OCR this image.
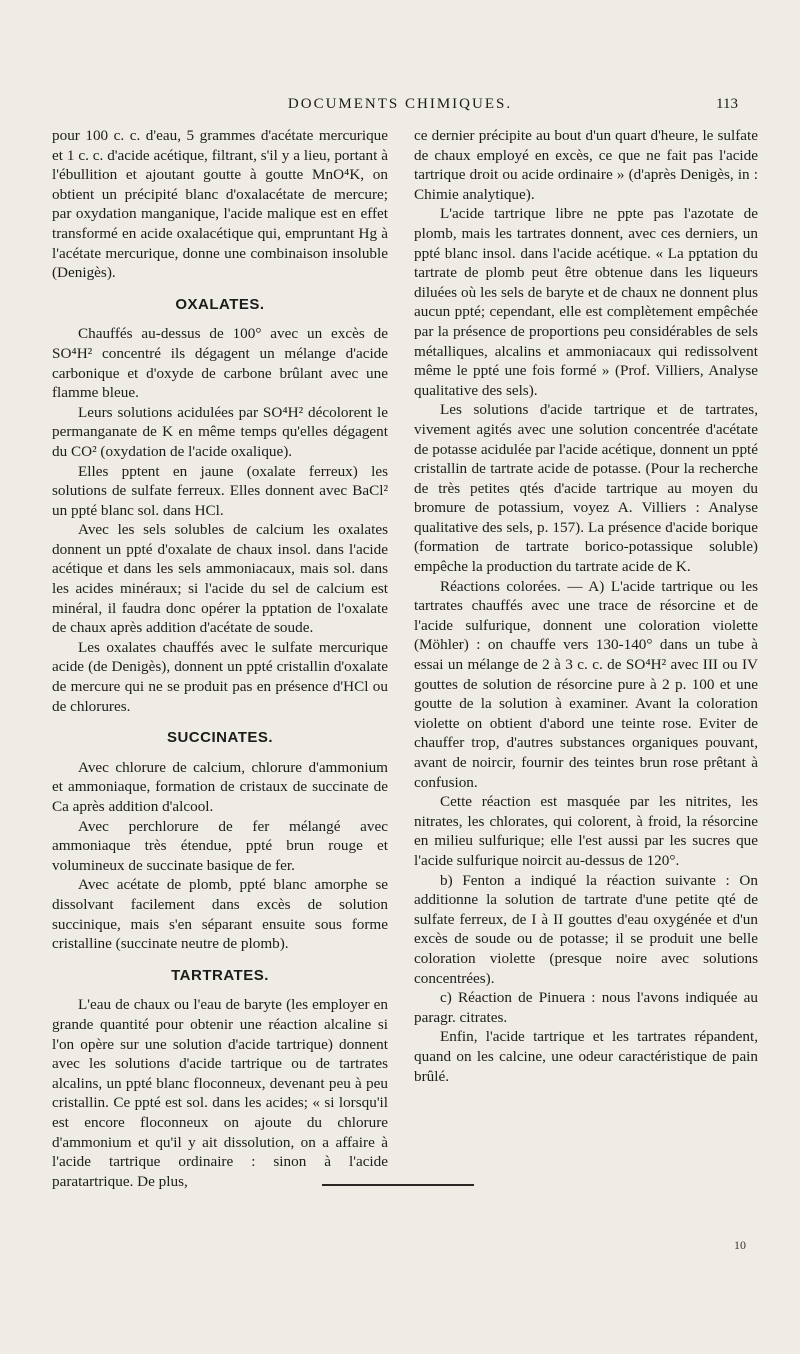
DOCUMENTS CHIMIQUES.	113

pour 100 c. c. d'eau, 5 grammes d'acétate mercurique et 1 c. c. d'acide acétique, filtrant, s'il y a lieu, portant à l'ébullition et ajoutant goutte à goutte MnO⁴K, on obtient un précipité blanc d'oxalacétate de mercure; par oxydation manganique, l'acide malique est en effet transformé en acide oxalacétique qui, empruntant Hg à l'acétate mercurique, donne une combinaison insoluble (Denigès).

OXALATES.

Chauffés au-dessus de 100° avec un excès de SO⁴H² concentré ils dégagent un mélange d'acide carbonique et d'oxyde de carbone brûlant avec une flamme bleue.

Leurs solutions acidulées par SO⁴H² décolorent le permanganate de K en même temps qu'elles dégagent du CO² (oxydation de l'acide oxalique).

Elles pptent en jaune (oxalate ferreux) les solutions de sulfate ferreux. Elles donnent avec BaCl² un ppté blanc sol. dans HCl.

Avec les sels solubles de calcium les oxalates donnent un ppté d'oxalate de chaux insol. dans l'acide acétique et dans les sels ammoniacaux, mais sol. dans les acides minéraux; si l'acide du sel de calcium est minéral, il faudra donc opérer la pptation de l'oxalate de chaux après addition d'acétate de soude.

Les oxalates chauffés avec le sulfate mercurique acide (de Denigès), donnent un ppté cristallin d'oxalate de mercure qui ne se produit pas en présence d'HCl ou de chlorures.

SUCCINATES.

Avec chlorure de calcium, chlorure d'ammonium et ammoniaque, formation de cristaux de succinate de Ca après addition d'alcool.

Avec perchlorure de fer mélangé avec ammoniaque très étendue, ppté brun rouge et volumineux de succinate basique de fer.

Avec acétate de plomb, ppté blanc amorphe se dissolvant facilement dans excès de solution succinique, mais s'en séparant ensuite sous forme cristalline (succinate neutre de plomb).

TARTRATES.

L'eau de chaux ou l'eau de baryte (les employer en grande quantité pour obtenir une réaction alcaline si l'on opère sur une solution d'acide tartrique) donnent avec les solutions d'acide tartrique ou de tartrates alcalins, un ppté blanc floconneux, devenant peu à peu cristallin. Ce ppté est sol. dans les acides; « si lorsqu'il est encore floconneux on ajoute du chlorure d'ammonium et qu'il y ait dissolution, on a affaire à l'acide tartrique ordinaire : sinon à l'acide paratartrique. De plus,

ce dernier précipite au bout d'un quart d'heure, le sulfate de chaux employé en excès, ce que ne fait pas l'acide tartrique droit ou acide ordinaire » (d'après Denigès, in : Chimie analytique).

L'acide tartrique libre ne ppte pas l'azotate de plomb, mais les tartrates donnent, avec ces derniers, un ppté blanc insol. dans l'acide acétique. « La pptation du tartrate de plomb peut être obtenue dans les liqueurs diluées où les sels de baryte et de chaux ne donnent plus aucun ppté; cependant, elle est complètement empêchée par la présence de proportions peu considérables de sels métalliques, alcalins et ammoniacaux qui redissolvent même le ppté une fois formé » (Prof. Villiers, Analyse qualitative des sels).

Les solutions d'acide tartrique et de tartrates, vivement agités avec une solution concentrée d'acétate de potasse acidulée par l'acide acétique, donnent un ppté cristallin de tartrate acide de potasse. (Pour la recherche de très petites qtés d'acide tartrique au moyen du bromure de potassium, voyez A. Villiers : Analyse qualitative des sels, p. 157). La présence d'acide borique (formation de tartrate borico-potassique soluble) empêche la production du tartrate acide de K.

Réactions colorées. — A) L'acide tartrique ou les tartrates chauffés avec une trace de résorcine et de l'acide sulfurique, donnent une coloration violette (Möhler) : on chauffe vers 130-140° dans un tube à essai un mélange de 2 à 3 c. c. de SO⁴H² avec III ou IV gouttes de solution de résorcine pure à 2 p. 100 et une goutte de la solution à examiner. Avant la coloration violette on obtient d'abord une teinte rose. Eviter de chauffer trop, d'autres substances organiques pouvant, avant de noircir, fournir des teintes brun rose prêtant à confusion.

Cette réaction est masquée par les nitrites, les nitrates, les chlorates, qui colorent, à froid, la résorcine en milieu sulfurique; elle l'est aussi par les sucres que l'acide sulfurique noircit au-dessus de 120°.

b) Fenton a indiqué la réaction suivante : On additionne la solution de tartrate d'une petite qté de sulfate ferreux, de I à II gouttes d'eau oxygénée et d'un excès de soude ou de potasse; il se produit une belle coloration violette (presque noire avec solutions concentrées).

c) Réaction de Pinuera : nous l'avons indiquée au paragr. citrates.

Enfin, l'acide tartrique et les tartrates répandent, quand on les calcine, une odeur caractéristique de pain brûlé.

10
